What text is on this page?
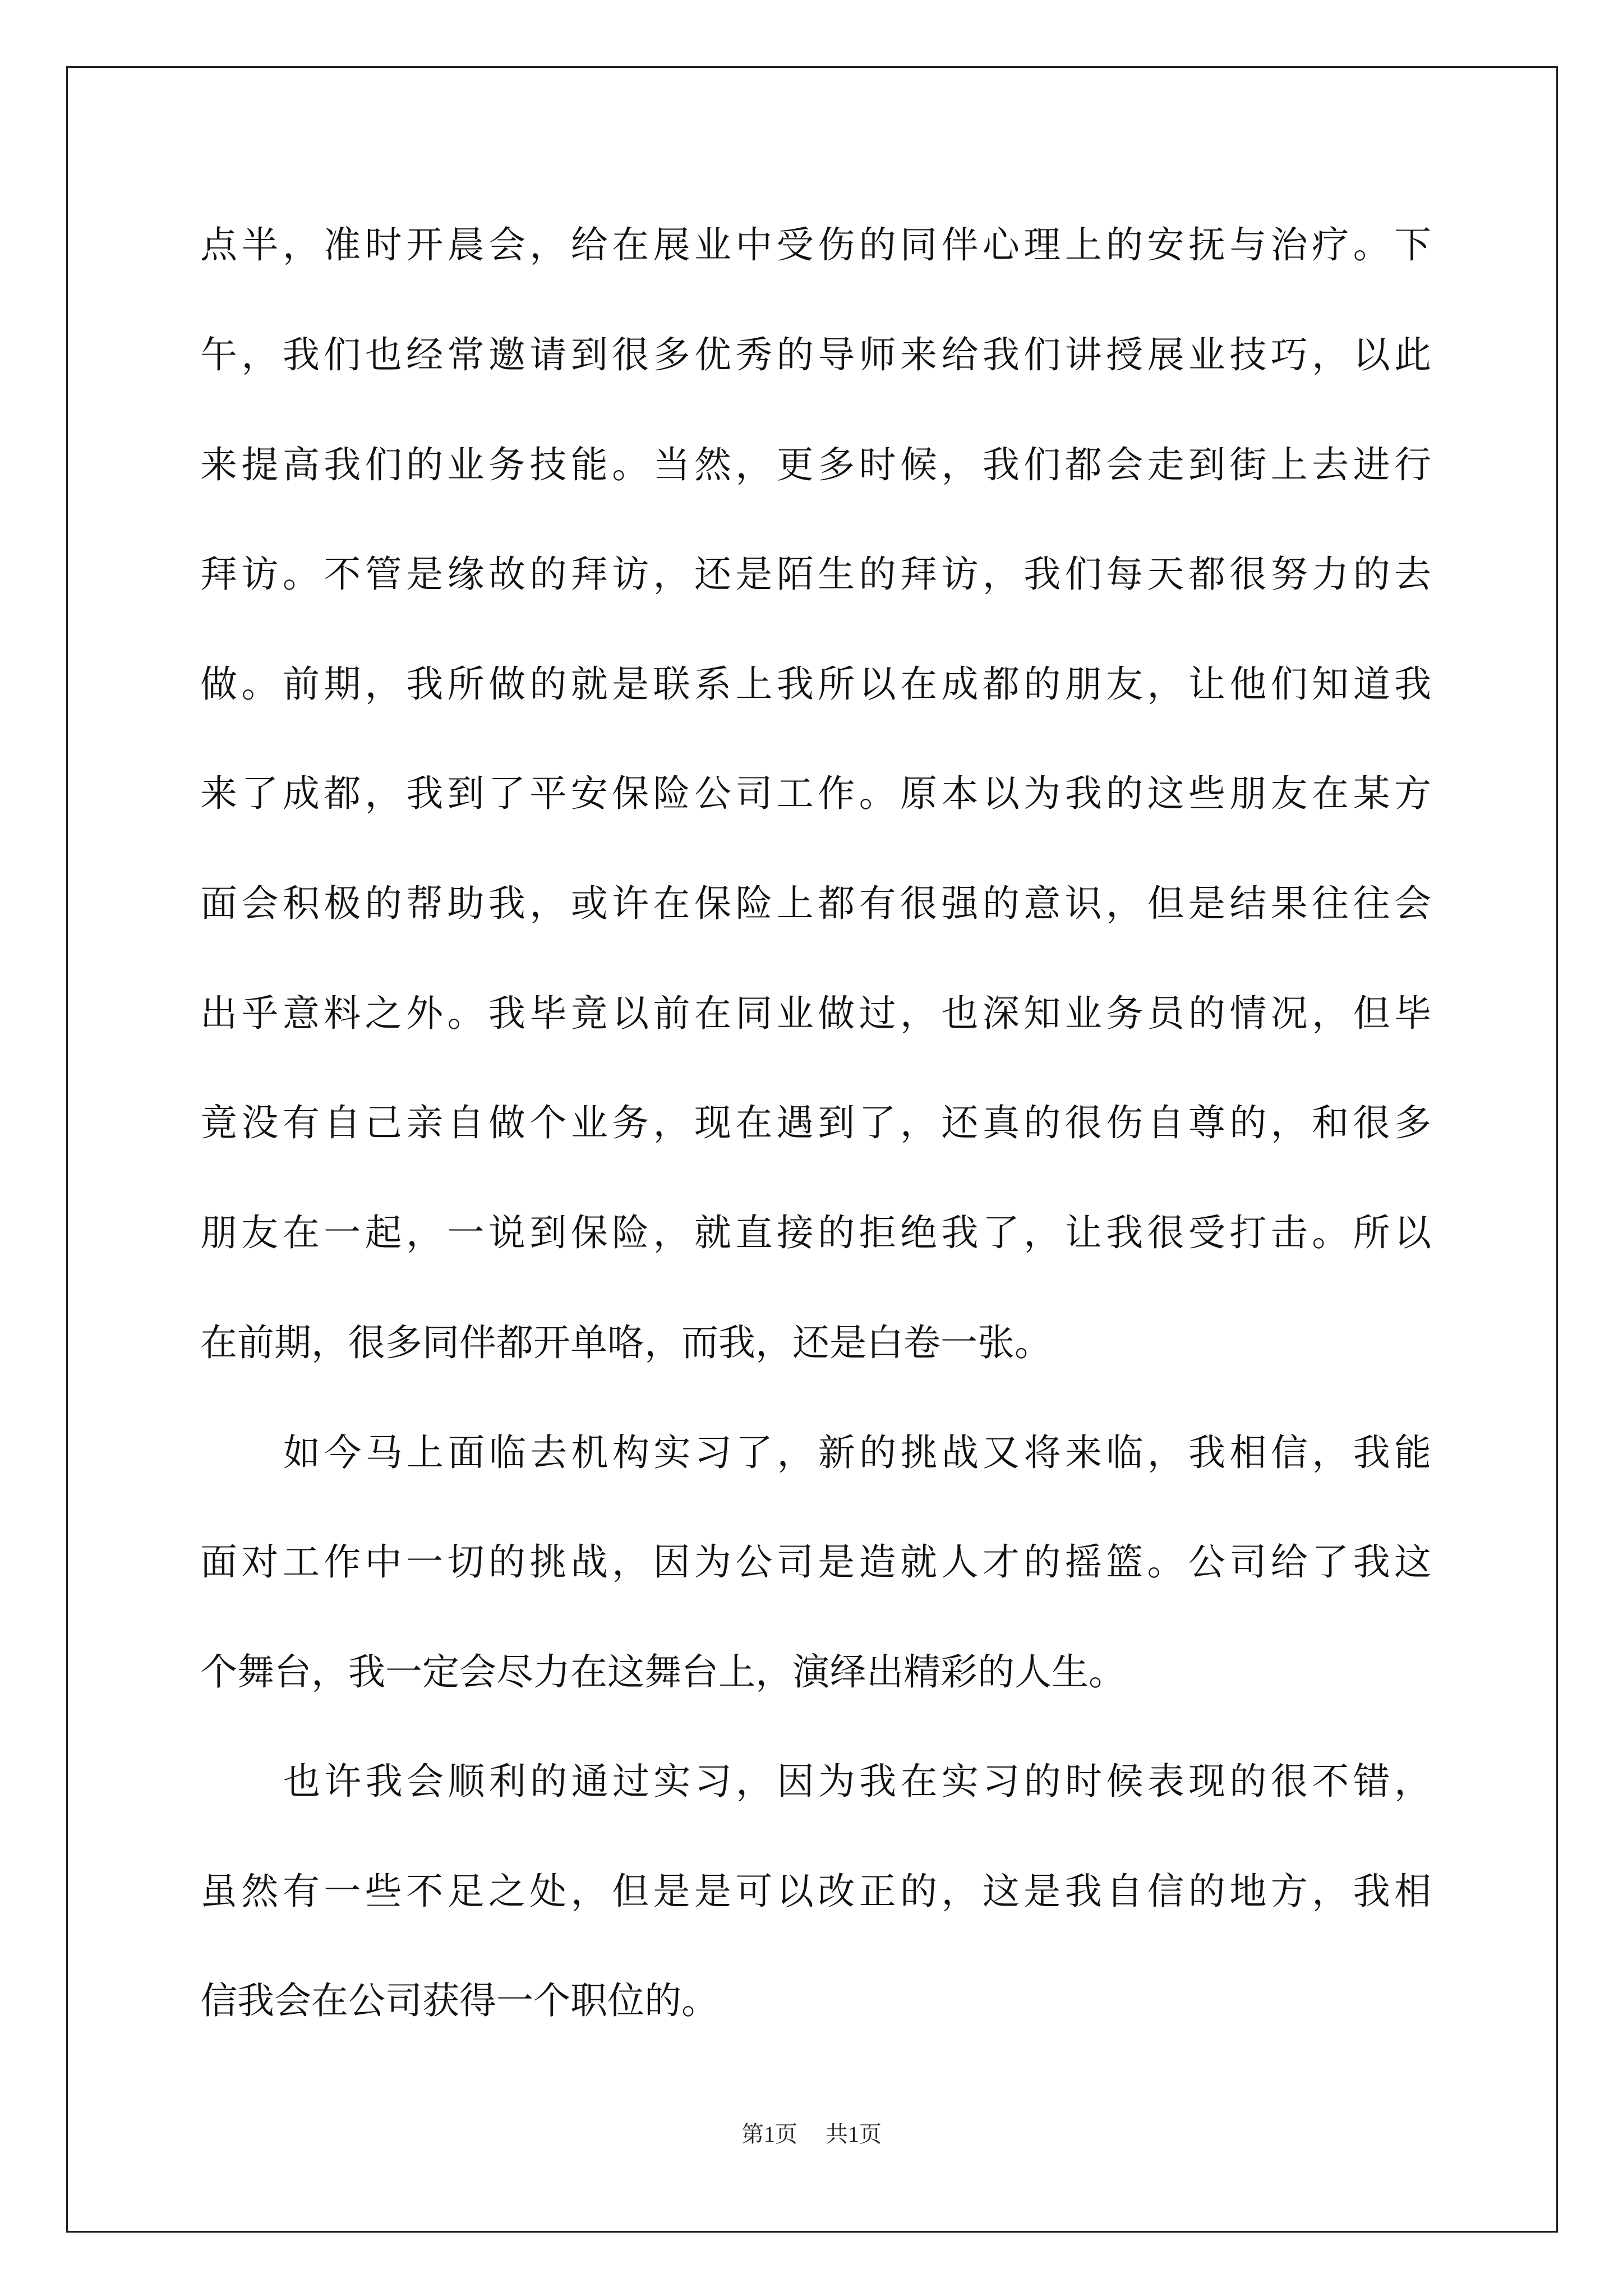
点半，准时开晨会，给在展业中受伤的同伴心理上的安抚与治疗。下
午，我们也经常邀请到很多优秀的导师来给我们讲授展业技巧，以此
来提高我们的业务技能。当然，更多时候，我们都会走到街上去进行
拜访。不管是缘故的拜访，还是陌生的拜访，我们每天都很努力的去
做。前期，我所做的就是联系上我所以在成都的朋友，让他们知道我
来了成都，我到了平安保险公司工作。原本以为我的这些朋友在某方
面会积极的帮助我，或许在保险上都有很强的意识，但是结果往往会
出乎意料之外。我毕竟以前在同业做过，也深知业务员的情况，但毕
竟没有自己亲自做个业务，现在遇到了，还真的很伤自尊的，和很多
朋友在一起，一说到保险，就直接的拒绝我了，让我很受打击。所以
在前期，很多同伴都开单咯，而我，还是白卷一张。
如今马上面临去机构实习了，新的挑战又将来临，我相信，我能
面对工作中一切的挑战，因为公司是造就人才的摇篮。公司给了我这
个舞台，我一定会尽力在这舞台上，演绎出精彩的人生。
也许我会顺利的通过实习，因为我在实习的时候表现的很不错，
虽然有一些不足之处，但是是可以改正的，这是我自信的地方，我相
信我会在公司获得一个职位的。
第1页 共1页
